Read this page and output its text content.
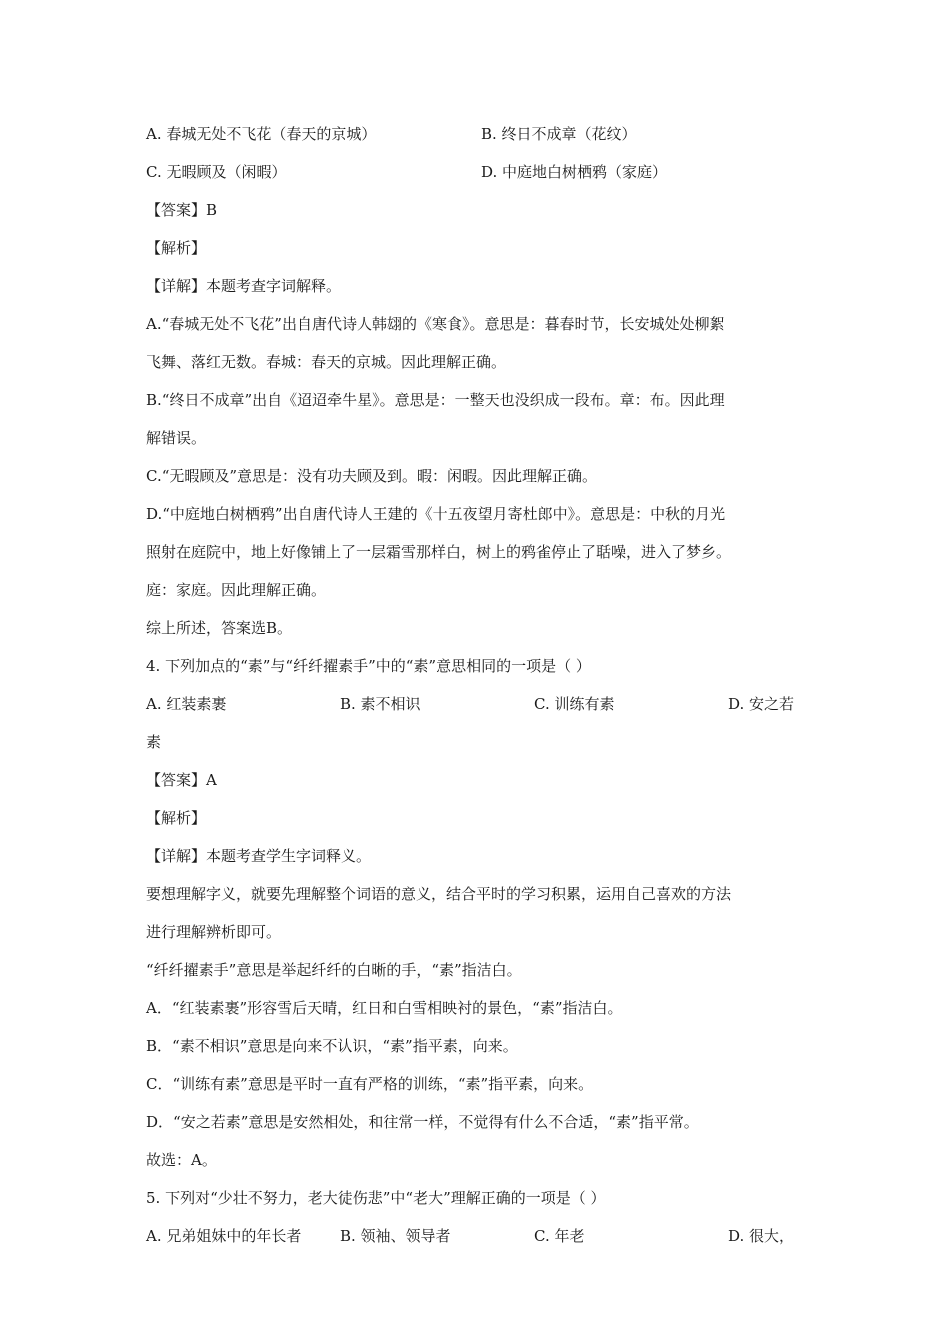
A. 春城无处不飞花（春天的京城）	B. 终日不成章（花纹）
C. 无暇顾及（闲暇）	D. 中庭地白树栖鸦（家庭）
【答案】B
【解析】
【详解】本题考查字词解释。
A.“春城无处不飞花”出自唐代诗人韩翃的《寒食》。意思是：暮春时节，长安城处处柳絮
飞舞、落红无数。春城：春天的京城。因此理解正确。
B.“终日不成章”出自《迢迢牵牛星》。意思是：一整天也没织成一段布。章：布。因此理
解错误。
C.“无暇顾及”意思是：没有功夫顾及到。暇：闲暇。因此理解正确。
D.“中庭地白树栖鸦”出自唐代诗人王建的《十五夜望月寄杜郎中》。意思是：中秋的月光
照射在庭院中，地上好像铺上了一层霜雪那样白，树上的鸦雀停止了聒噪，进入了梦乡。
庭：家庭。因此理解正确。
综上所述，答案选B。
4. 下列加点的“素”与“纤纤擢素手”中的“素”意思相同的一项是（ ）
A. 红装素裹	B. 素不相识	C. 训练有素	D. 安之若
素
【答案】A
【解析】
【详解】本题考查学生字词释义。
要想理解字义，就要先理解整个词语的意义，结合平时的学习积累，运用自己喜欢的方法
进行理解辨析即可。
“纤纤擢素手”意思是举起纤纤的白晰的手，“素”指洁白。
A．“红装素裹”形容雪后天晴，红日和白雪相映衬的景色，“素”指洁白。
B．“素不相识”意思是向来不认识，“素”指平素，向来。
C．“训练有素”意思是平时一直有严格的训练，“素”指平素，向来。
D．“安之若素”意思是安然相处，和往常一样，不觉得有什么不合适，“素”指平常。
故选：A。
5. 下列对“少壮不努力，老大徒伤悲”中“老大”理解正确的一项是（ ）
A. 兄弟姐妹中的年长者	B. 领袖、领导者	C. 年老	D. 很大，
